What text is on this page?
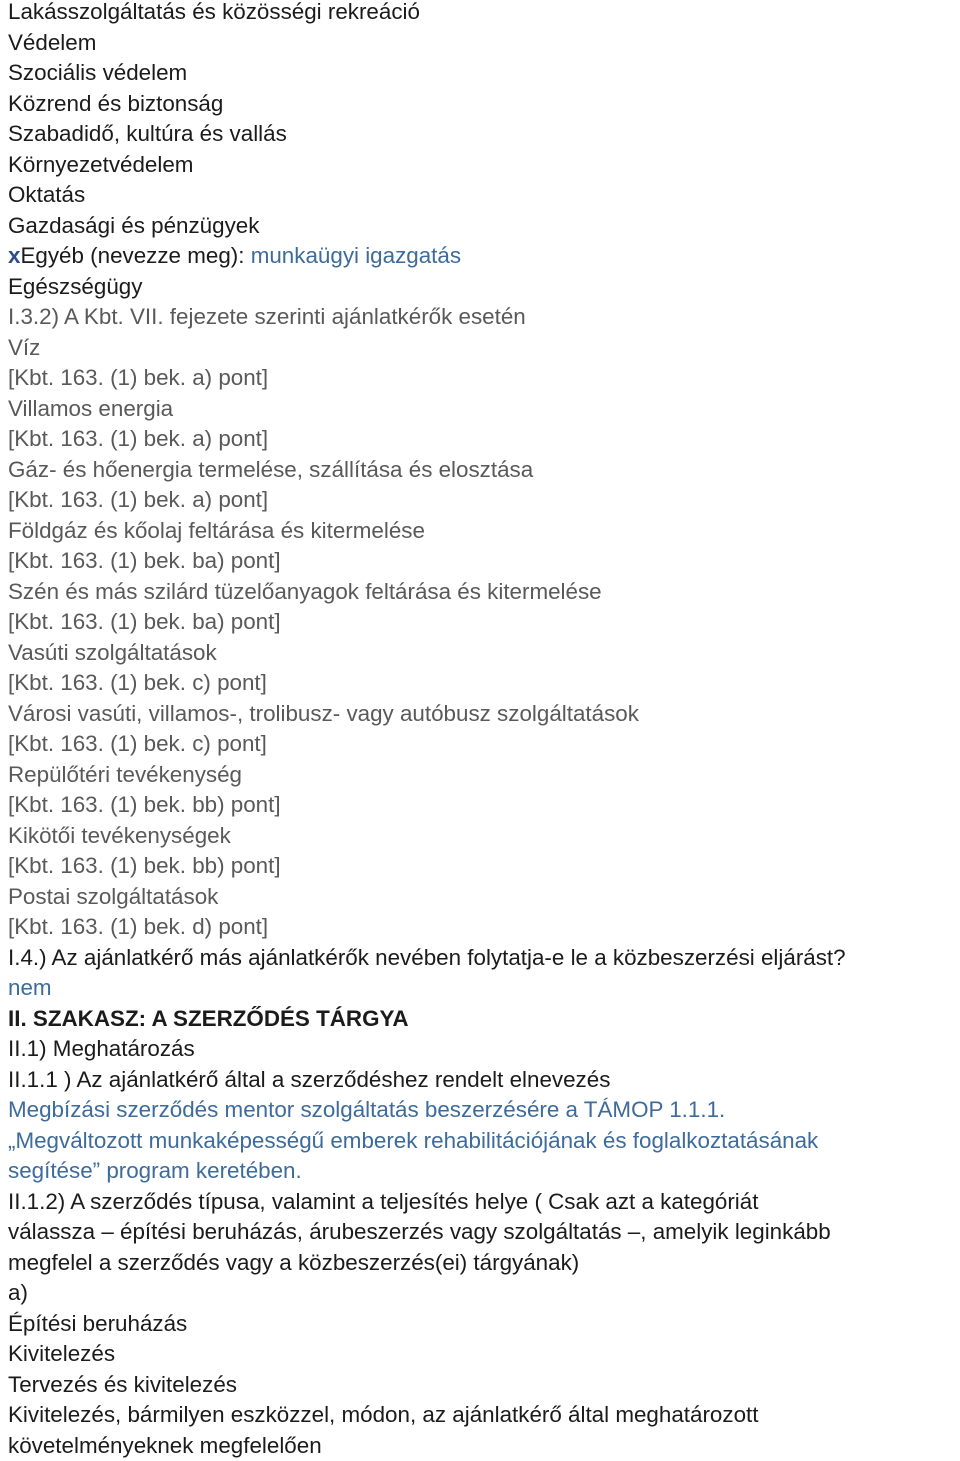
Lakásszolgáltatás és közösségi rekreáció
Védelem
Szociális védelem
Közrend és biztonság
Szabadidő, kultúra és vallás
Környezetvédelem
Oktatás
Gazdasági és pénzügyek
xEgyéb (nevezze meg): munkaügyi igazgatás
Egészségügy
I.3.2) A Kbt. VII. fejezete szerinti ajánlatkérők esetén
Víz
[Kbt. 163. (1) bek. a) pont]
Villamos energia
[Kbt. 163. (1) bek. a) pont]
Gáz- és hőenergia termelése, szállítása és elosztása
[Kbt. 163. (1) bek. a) pont]
Földgáz és kőolaj feltárása és kitermelése
[Kbt. 163. (1) bek. ba) pont]
Szén és más szilárd tüzelőanyagok feltárása és kitermelése
[Kbt. 163. (1) bek. ba) pont]
Vasúti szolgáltatások
[Kbt. 163. (1) bek. c) pont]
Városi vasúti, villamos-, trolibusz- vagy autóbusz szolgáltatások
[Kbt. 163. (1) bek. c) pont]
Repülőtéri tevékenység
[Kbt. 163. (1) bek. bb) pont]
Kikötői tevékenységek
[Kbt. 163. (1) bek. bb) pont]
Postai szolgáltatások
[Kbt. 163. (1) bek. d) pont]
I.4.) Az ajánlatkérő más ajánlatkérők nevében folytatja-e le a közbeszerzési eljárást?
nem
II. SZAKASZ: A SZERZŐDÉS TÁRGYA
II.1) Meghatározás
II.1.1 ) Az ajánlatkérő által a szerződéshez rendelt elnevezés
Megbízási szerződés mentor szolgáltatás beszerzésére a TÁMOP 1.1.1.
„Megváltozott munkaképességű emberek rehabilitációjának és foglalkoztatásának
segítése” program keretében.
II.1.2) A szerződés típusa, valamint a teljesítés helye ( Csak azt a kategóriát
válassza – építési beruházás, árubeszerzés vagy szolgáltatás –, amelyik leginkább
megfelel a szerződés vagy a közbeszerzés(ei) tárgyának)
a)
Építési beruházás
Kivitelezés
Tervezés és kivitelezés
Kivitelezés, bármilyen eszközzel, módon, az ajánlatkérő által meghatározott
követelményeknek megfelelően
